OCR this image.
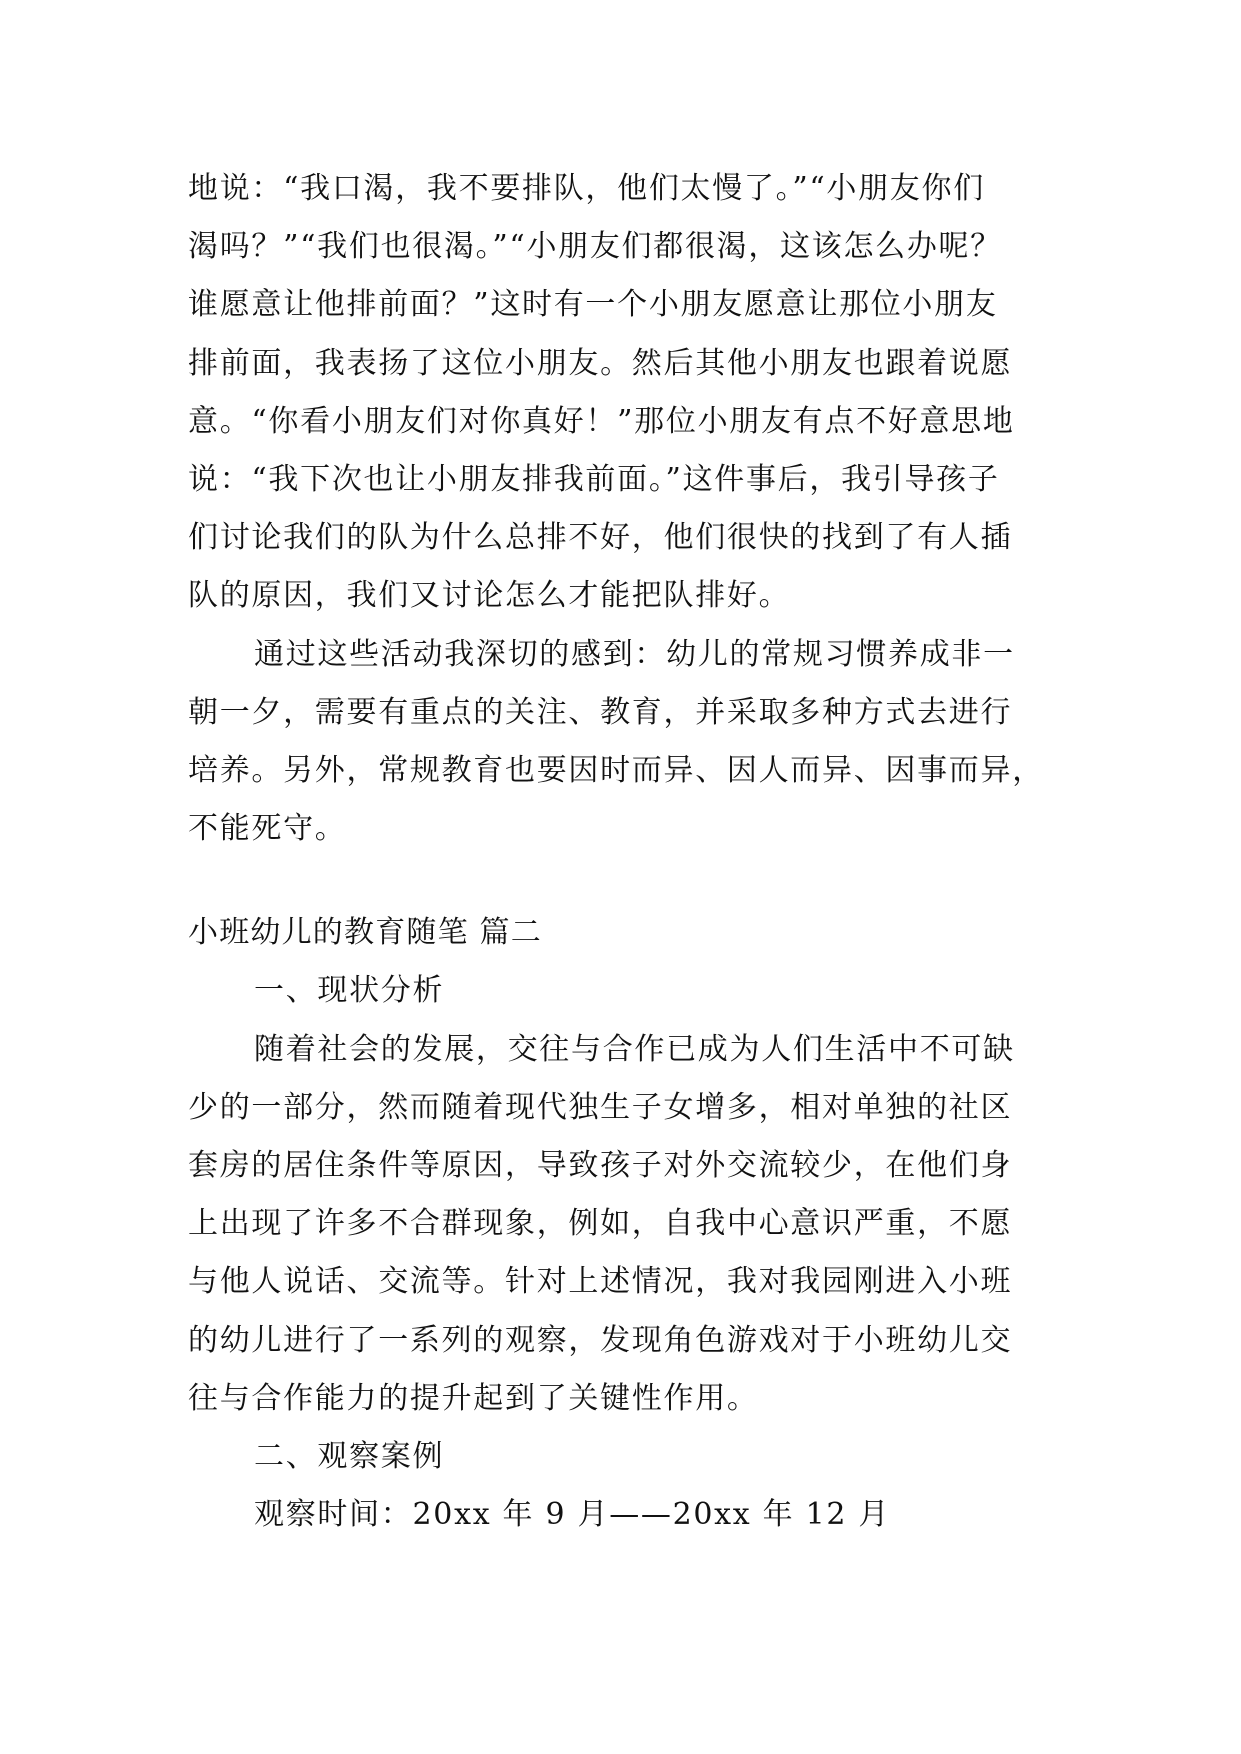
地说：“我口渴，我不要排队，他们太慢了。”“小朋友你们

渴吗？”“我们也很渴。”“小朋友们都很渴，这该怎么办呢？

谁愿意让他排前面？”这时有一个小朋友愿意让那位小朋友

排前面，我表扬了这位小朋友。然后其他小朋友也跟着说愿

意。“你看小朋友们对你真好！”那位小朋友有点不好意思地

说：“我下次也让小朋友排我前面。”这件事后，我引导孩子

们讨论我们的队为什么总排不好，他们很快的找到了有人插

队的原因，我们又讨论怎么才能把队排好。

通过这些活动我深切的感到：幼儿的常规习惯养成非一

朝一夕，需要有重点的关注、教育，并采取多种方式去进行

培养。另外，常规教育也要因时而异、因人而异、因事而异，

不能死守。

小班幼儿的教育随笔 篇二

一、现状分析

随着社会的发展，交往与合作已成为人们生活中不可缺

少的一部分，然而随着现代独生子女增多，相对单独的社区

套房的居住条件等原因，导致孩子对外交流较少，在他们身

上出现了许多不合群现象，例如，自我中心意识严重，不愿

与他人说话、交流等。针对上述情况，我对我园刚进入小班

的幼儿进行了一系列的观察，发现角色游戏对于小班幼儿交

往与合作能力的提升起到了关键性作用。

二、观察案例

观察时间：20xx 年 9 月——20xx 年 12 月
